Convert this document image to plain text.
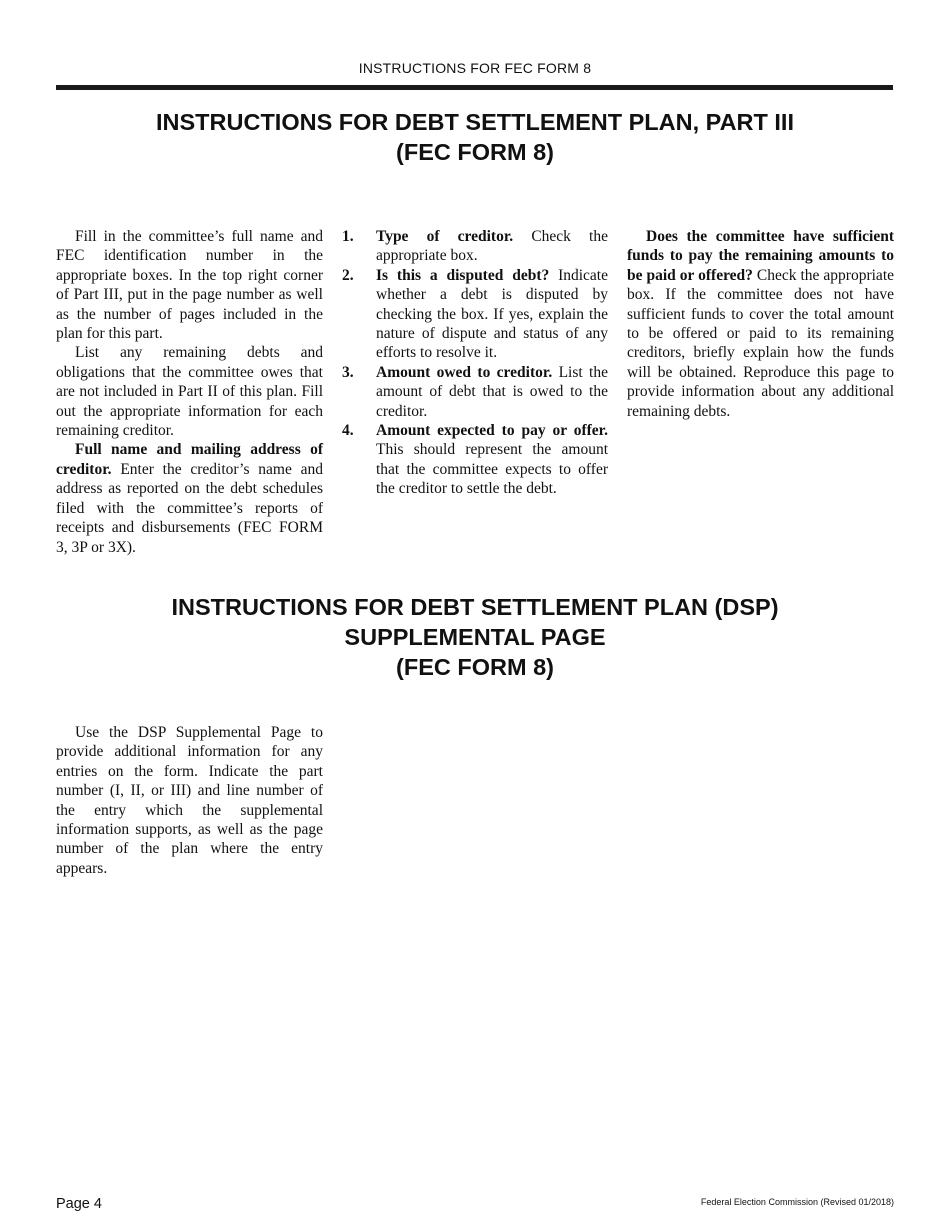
INSTRUCTIONS FOR FEC FORM 8
INSTRUCTIONS FOR DEBT SETTLEMENT PLAN, PART III
(FEC FORM 8)

Fill in the committee’s full name and FEC identification number in the appropriate boxes. In the top right corner of Part III, put in the page number as well as the number of pages included in the plan for this part.

List any remaining debts and obligations that the committee owes that are not included in Part II of this plan. Fill out the appropriate information for each remaining creditor.

Full name and mailing address of creditor. Enter the creditor’s name and address as reported on the debt schedules filed with the committee’s reports of receipts and disbursements (FEC FORM 3, 3P or 3X).

1. Type of creditor. Check the appropriate box.
2. Is this a disputed debt? Indicate whether a debt is disputed by checking the box. If yes, explain the nature of dispute and status of any efforts to resolve it.
3. Amount owed to creditor. List the amount of debt that is owed to the creditor.
4. Amount expected to pay or offer. This should represent the amount that the committee expects to offer the creditor to settle the debt.

Does the committee have sufficient funds to pay the remaining amounts to be paid or offered? Check the appropriate box. If the committee does not have sufficient funds to cover the total amount to be offered or paid to its remaining creditors, briefly explain how the funds will be obtained. Reproduce this page to provide information about any additional remaining debts.

INSTRUCTIONS FOR DEBT SETTLEMENT PLAN (DSP)
SUPPLEMENTAL PAGE
(FEC FORM 8)

Use the DSP Supplemental Page to provide additional information for any entries on the form. Indicate the part number (I, II, or III) and line number of the entry which the supplemental information supports, as well as the page number of the plan where the entry appears.

Page 4	Federal Election Commission (Revised 01/2018)
